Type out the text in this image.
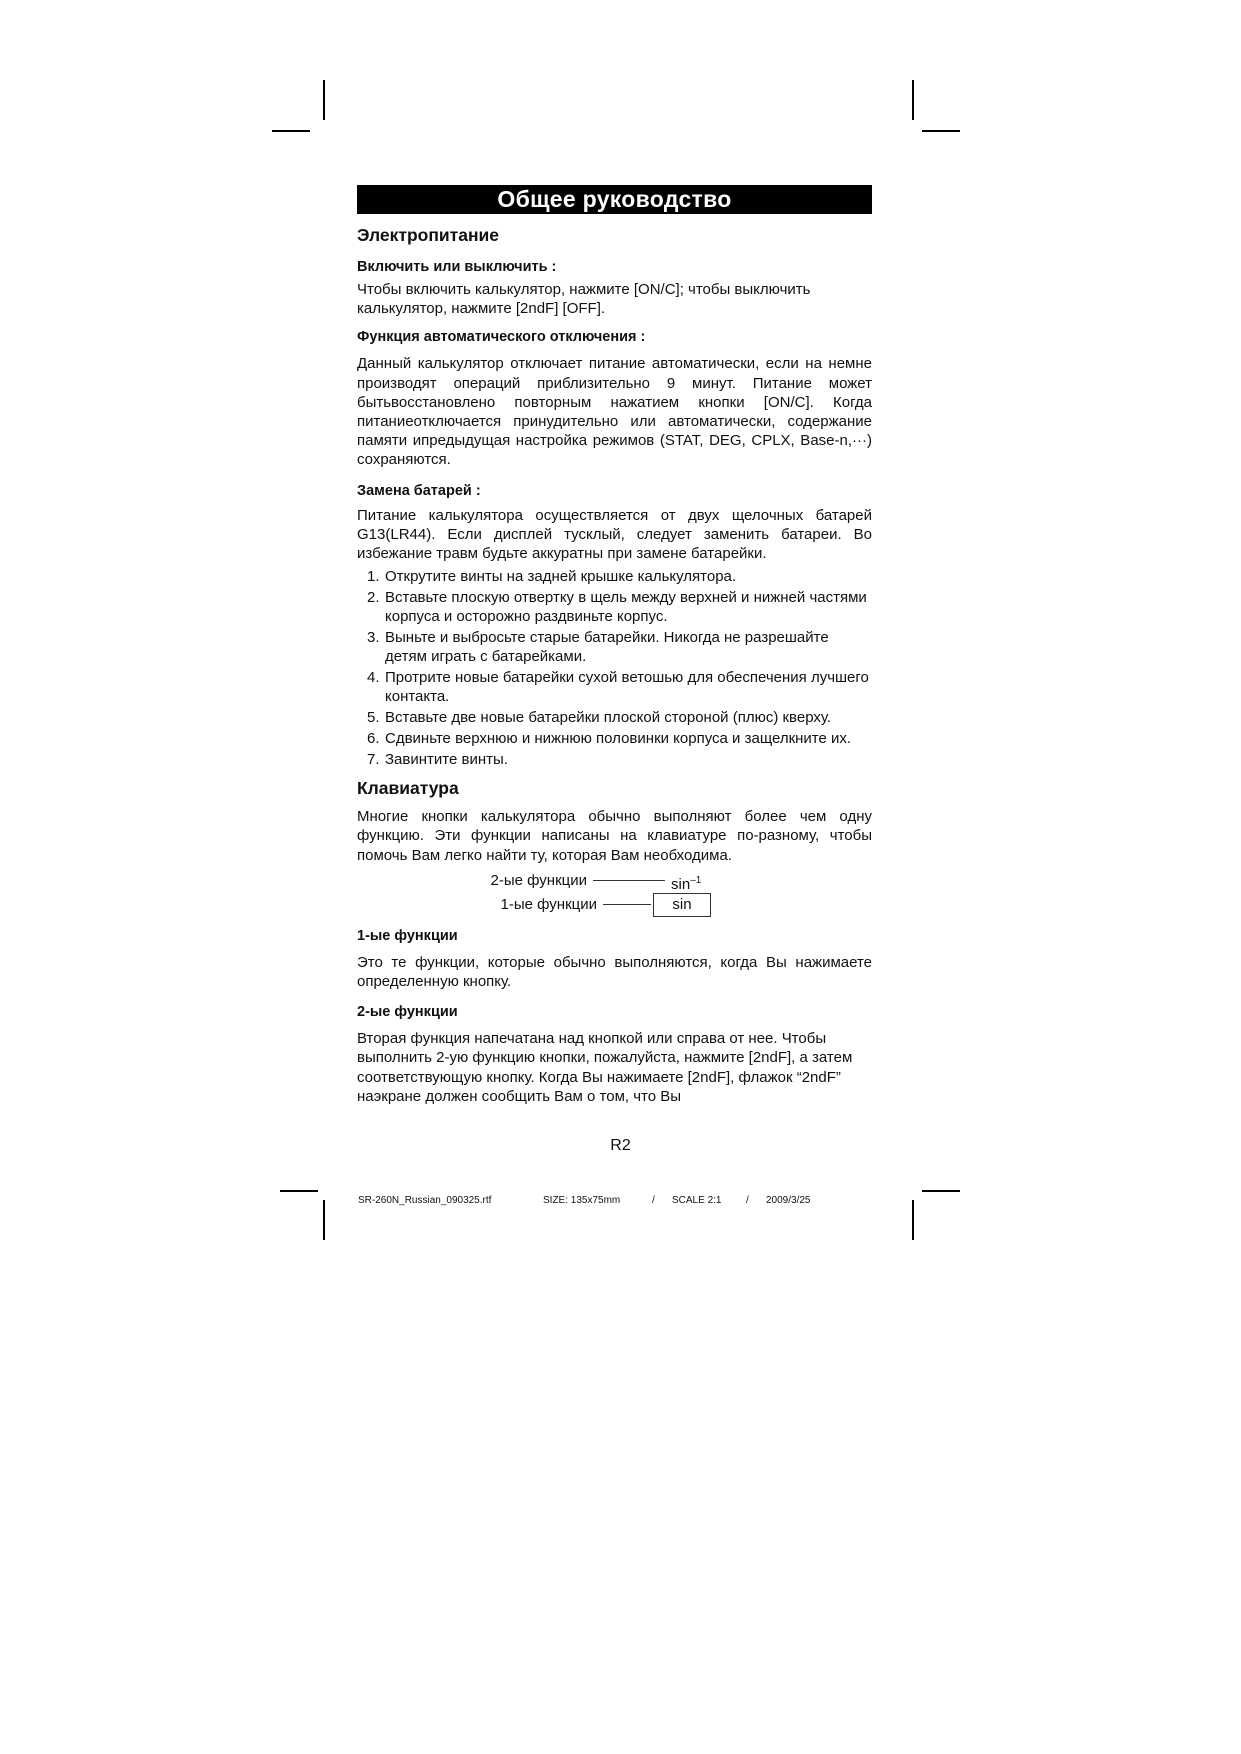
Общее руководство
Электропитание
Включить или выключить :

Чтобы включить калькулятор, нажмите [ON/C]; чтобы выключить калькулятор, нажмите [2ndF] [OFF].

Функция автоматического отключения :

Данный калькулятор отключает питание автоматически, если на немне производят операций приблизительно 9 минут. Питание может бытьвосстановлено повторным нажатием кнопки [ON/C]. Когда питаниеотключается принудительно или автоматически, содержание памяти ипредыдущая настройка режимов (STAT, DEG, CPLX, Base-n,···) сохраняются.

Замена батарей :

Питание калькулятора осуществляется от двух щелочных батарей G13(LR44). Если дисплей тусклый, следует заменить батареи. Во избежание травм будьте аккуратны при замене батарейки.

1. Открутите винты на задней крышке калькулятора.
2. Вставьте плоскую отвертку в щель между верхней и нижней частями корпуса и осторожно раздвиньте корпус.
3. Выньте и выбросьте старые батарейки. Никогда не разрешайте детям играть с батарейками.
4. Протрите новые батарейки сухой ветошью для обеспечения лучшего контакта.
5. Вставьте две новые батарейки плоской стороной (плюс) кверху.
6. Сдвиньте верхнюю и нижнюю половинки корпуса и защелкните их.
7. Завинтите винты.
Клавиатура

Многие кнопки калькулятора обычно выполняют более чем одну функцию. Эти функции написаны на клавиатуре по-разному, чтобы помочь Вам легко найти ту, которая Вам необходима.

2-ые функции	$\sin^{-1}$
1-ые функции	sin
1-ые функции

Это те функции, которые обычно выполняются, когда Вы нажимаете определенную кнопку.

2-ые функции

Вторая функция напечатана над кнопкой или справа от нее. Чтобы выполнить 2-ую функцию кнопки, пожалуйста, нажмите [2ndF], а затем соответствующую кнопку. Когда Вы нажимаете [2ndF], флажок “2ndF” наэкране должен сообщить Вам о том, что Вы

R2
SR-260N_Russian_090325.rtf	SIZE: 135x75mm	/ SCALE 2:1 / 2009/3/25
